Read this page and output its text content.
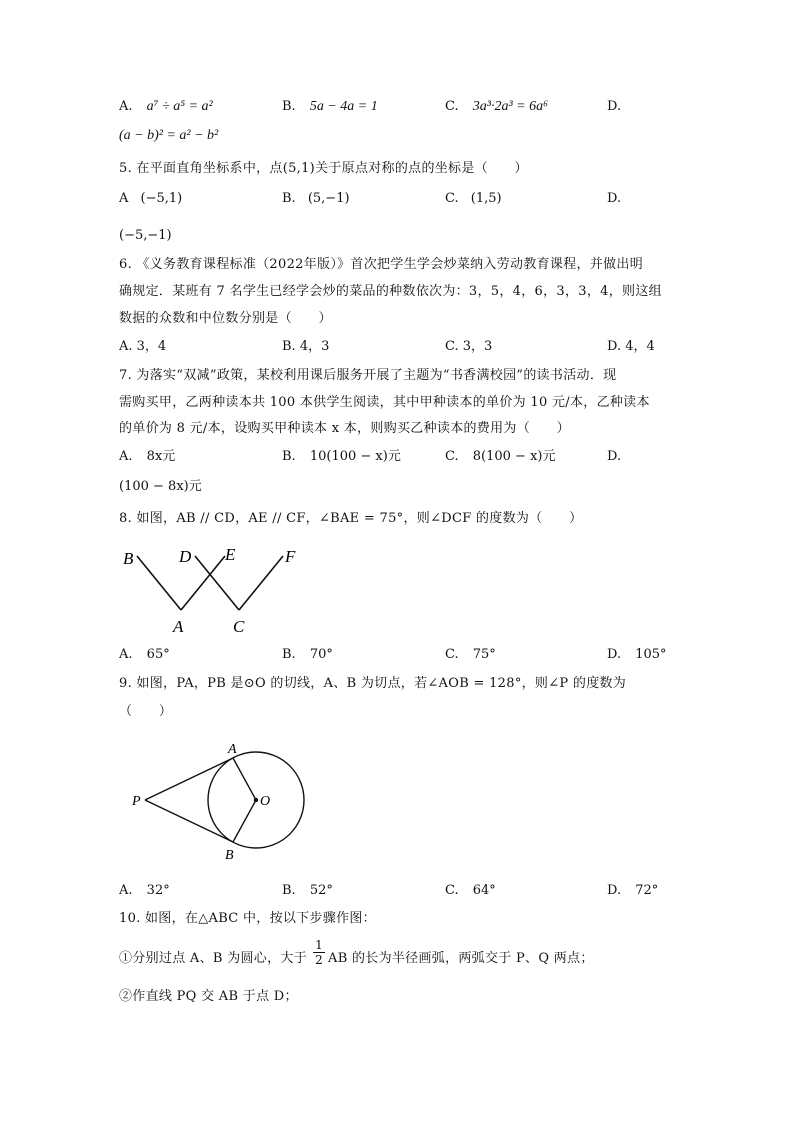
A. a⁷ ÷ a⁵ = a²	B. 5a − 4a = 1	C. 3a³·2a³ = 6a⁶	D.
(a − b)² = a² − b²
5. 在平面直角坐标系中，点(5,1)关于原点对称的点的坐标是（　　）
A (−5,1)	B. (5,−1)	C. (1,5)	D.
(−5,−1)
6. 《义务教育课程标准（2022年版）》首次把学生学会炒菜纳入劳动教育课程，并做出明
确规定．某班有 7 名学生已经学会炒的菜品的种数依次为：3，5，4，6，3，3，4，则这组
数据的众数和中位数分别是（　　）
A. 3，4	B. 4，3	C. 3，3	D. 4，4
7. 为落实“双减”政策，某校利用课后服务开展了主题为“书香满校园”的读书活动．现
需购买甲，乙两种读本共 100 本供学生阅读，其中甲种读本的单价为 10 元/本，乙种读本
的单价为 8 元/本，设购买甲种读本 x 本，则购买乙种读本的费用为（　　）
A. 8x元	B. 10(100 − x)元	C. 8(100 − x)元	D.
(100 − 8x)元
8. 如图，AB // CD，AE // CF，∠BAE = 75°，则∠DCF 的度数为（　　）
B	D E	F
A	C
A. 65°	B. 70°	C. 75°	D. 105°
9. 如图，PA，PB 是⊙O 的切线，A、B 为切点，若∠AOB = 128°，则∠P 的度数为
（　　）
A
B
P	O
A. 32°	B. 52°	C. 64°	D. 72°
10. 如图，在△ABC 中，按以下步骤作图：
①分别过点 A、B 为圆心，大于 $\frac{1}{2}$ AB 的长为半径画弧，两弧交于 P、Q 两点；
②作直线 PQ 交 AB 于点 D；
